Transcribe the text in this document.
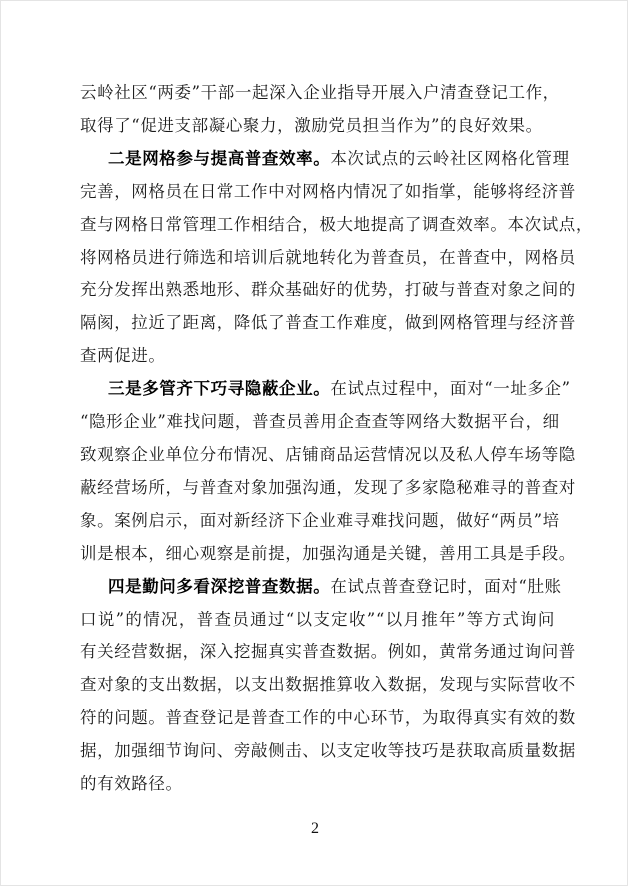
云岭社区“两委”干部一起深入企业指导开展入户清查登记工作，
取得了“促进支部凝心聚力，激励党员担当作为”的良好效果。
二是网格参与提高普查效率。本次试点的云岭社区网格化管理
完善，网格员在日常工作中对网格内情况了如指掌，能够将经济普
查与网格日常管理工作相结合，极大地提高了调查效率。本次试点，
将网格员进行筛选和培训后就地转化为普查员，在普查中，网格员
充分发挥出熟悉地形、群众基础好的优势，打破与普查对象之间的
隔阂，拉近了距离，降低了普查工作难度，做到网格管理与经济普
查两促进。
三是多管齐下巧寻隐蔽企业。在试点过程中，面对“一址多企”
“隐形企业”难找问题，普查员善用企查查等网络大数据平台，细
致观察企业单位分布情况、店铺商品运营情况以及私人停车场等隐
蔽经营场所，与普查对象加强沟通，发现了多家隐秘难寻的普查对
象。案例启示，面对新经济下企业难寻难找问题，做好“两员”培
训是根本，细心观察是前提，加强沟通是关键，善用工具是手段。
四是勤问多看深挖普查数据。在试点普查登记时，面对“肚账
口说”的情况，普查员通过“以支定收”“以月推年”等方式询问
有关经营数据，深入挖掘真实普查数据。例如，黄常务通过询问普
查对象的支出数据，以支出数据推算收入数据，发现与实际营收不
符的问题。普查登记是普查工作的中心环节，为取得真实有效的数
据，加强细节询问、旁敲侧击、以支定收等技巧是获取高质量数据
的有效路径。
2
